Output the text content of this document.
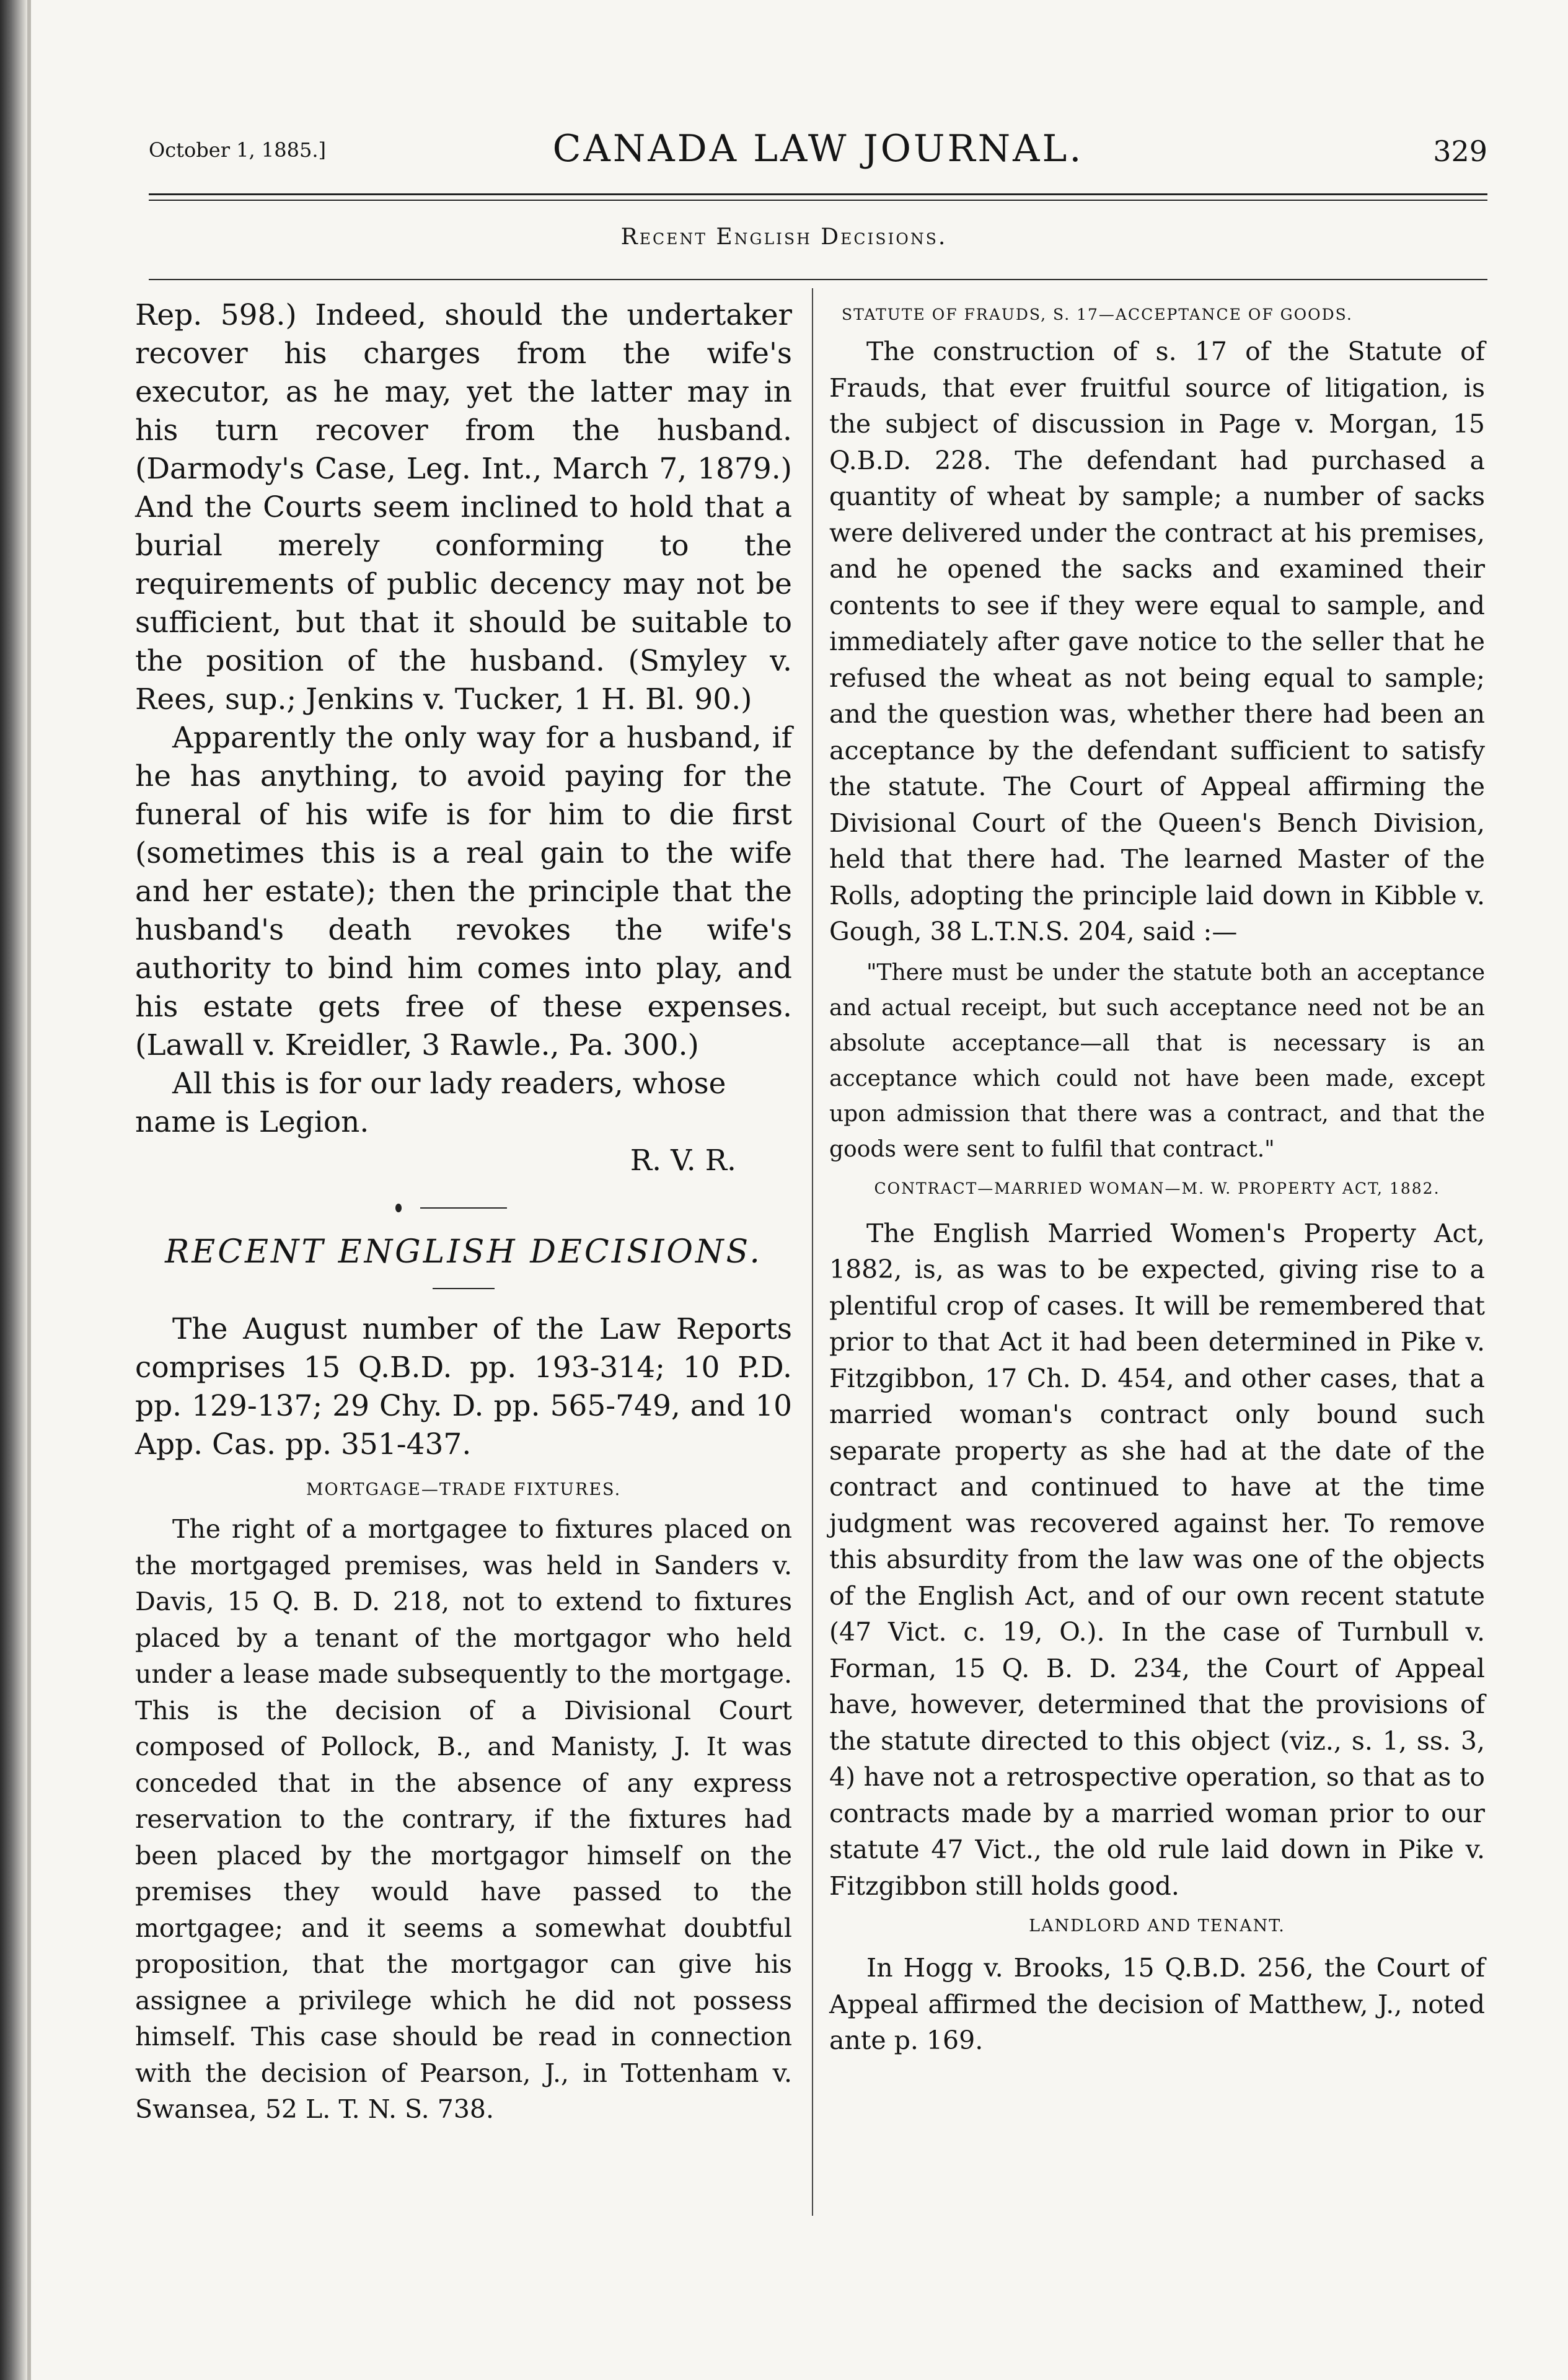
October 1, 1885.]	CANADA LAW JOURNAL.	329
Recent English Decisions.

Rep. 598.) Indeed, should the undertaker recover his charges from the wife's executor, as he may, yet the latter may in his turn recover from the husband. (Darmody's Case, Leg. Int., March 7, 1879.) And the Courts seem inclined to hold that a burial merely conforming to the requirements of public decency may not be sufficient, but that it should be suitable to the position of the husband. (Smyley v. Rees, sup.; Jenkins v. Tucker, 1 H. Bl. 90.)

Apparently the only way for a husband, if he has anything, to avoid paying for the funeral of his wife is for him to die first (sometimes this is a real gain to the wife and her estate); then the principle that the husband's death revokes the wife's authority to bind him comes into play, and his estate gets free of these expenses. (Lawall v. Kreidler, 3 Rawle., Pa. 300.)

All this is for our lady readers, whose name is Legion.

R. V. R.

RECENT ENGLISH DECISIONS.

The August number of the Law Reports comprises 15 Q.B.D. pp. 193-314; 10 P.D. pp. 129-137; 29 Chy. D. pp. 565-749, and 10 App. Cas. pp. 351-437.

MORTGAGE—TRADE FIXTURES.

The right of a mortgagee to fixtures placed on the mortgaged premises, was held in Sanders v. Davis, 15 Q. B. D. 218, not to extend to fixtures placed by a tenant of the mortgagor who held under a lease made subsequently to the mortgage. This is the decision of a Divisional Court composed of Pollock, B., and Manisty, J. It was conceded that in the absence of any express reservation to the contrary, if the fixtures had been placed by the mortgagor himself on the premises they would have passed to the mortgagee; and it seems a somewhat doubtful proposition, that the mortgagor can give his assignee a privilege which he did not possess himself. This case should be read in connection with the decision of Pearson, J., in Tottenham v. Swansea, 52 L. T. N. S. 738.

STATUTE OF FRAUDS, S. 17—ACCEPTANCE OF GOODS.

The construction of s. 17 of the Statute of Frauds, that ever fruitful source of litigation, is the subject of discussion in Page v. Morgan, 15 Q.B.D. 228. The defendant had purchased a quantity of wheat by sample; a number of sacks were delivered under the contract at his premises, and he opened the sacks and examined their contents to see if they were equal to sample, and immediately after gave notice to the seller that he refused the wheat as not being equal to sample; and the question was, whether there had been an acceptance by the defendant sufficient to satisfy the statute. The Court of Appeal affirming the Divisional Court of the Queen's Bench Division, held that there had. The learned Master of the Rolls, adopting the principle laid down in Kibble v. Gough, 38 L.T.N.S. 204, said :—

"There must be under the statute both an acceptance and actual receipt, but such acceptance need not be an absolute acceptance—all that is necessary is an acceptance which could not have been made, except upon admission that there was a contract, and that the goods were sent to fulfil that contract."

CONTRACT—MARRIED WOMAN—M. W. PROPERTY ACT, 1882.

The English Married Women's Property Act, 1882, is, as was to be expected, giving rise to a plentiful crop of cases. It will be remembered that prior to that Act it had been determined in Pike v. Fitzgibbon, 17 Ch. D. 454, and other cases, that a married woman's contract only bound such separate property as she had at the date of the contract and continued to have at the time judgment was recovered against her. To remove this absurdity from the law was one of the objects of the English Act, and of our own recent statute (47 Vict. c. 19, O.). In the case of Turnbull v. Forman, 15 Q. B. D. 234, the Court of Appeal have, however, determined that the provisions of the statute directed to this object (viz., s. 1, ss. 3, 4) have not a retrospective operation, so that as to contracts made by a married woman prior to our statute 47 Vict., the old rule laid down in Pike v. Fitzgibbon still holds good.

LANDLORD AND TENANT.

In Hogg v. Brooks, 15 Q.B.D. 256, the Court of Appeal affirmed the decision of Matthew, J., noted ante p. 169.
